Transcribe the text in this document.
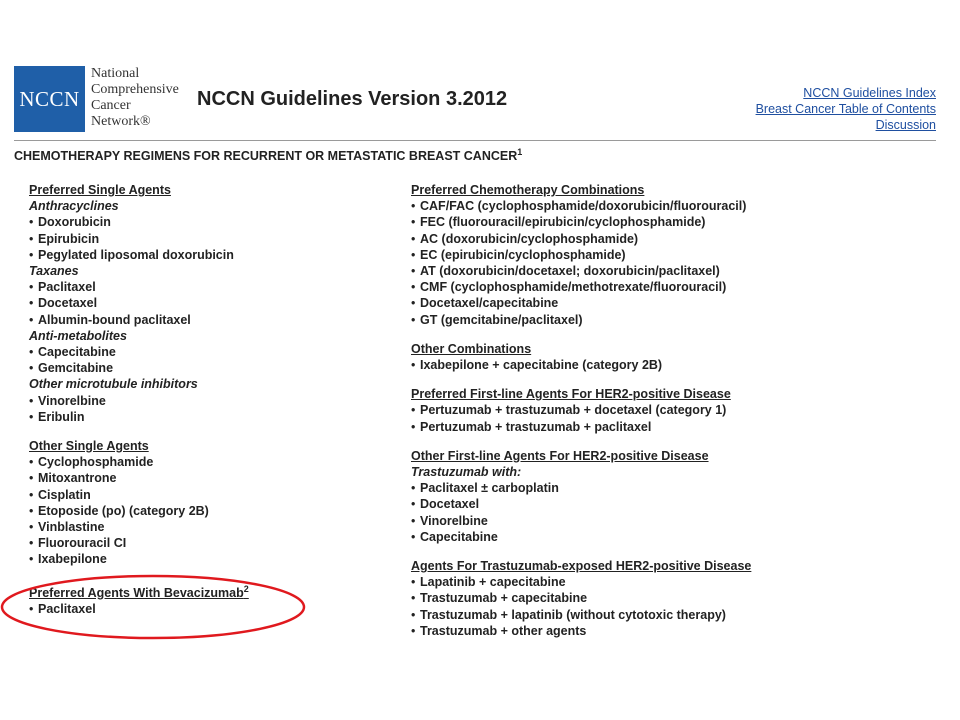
NCCN
National
Comprehensive
Cancer
Network®
NCCN Guidelines Version 3.2012	NCCN Guidelines Index
Breast Cancer Table of Contents
Discussion
CHEMOTHERAPY REGIMENS FOR RECURRENT OR METASTATIC BREAST CANCER$^1$
Preferred Single Agents
Anthracyclines
• Doxorubicin
• Epirubicin
• Pegylated liposomal doxorubicin
Taxanes
• Paclitaxel
• Docetaxel
• Albumin-bound paclitaxel
Anti-metabolites
• Capecitabine
• Gemcitabine
Other microtubule inhibitors
• Vinorelbine
• Eribulin
Other Single Agents
• Cyclophosphamide
• Mitoxantrone
• Cisplatin
• Etoposide (po) (category 2B)
• Vinblastine
• Fluorouracil CI
• Ixabepilone
Preferred Agents With Bevacizumab$^2$
• Paclitaxel
Preferred Chemotherapy Combinations
• CAF/FAC (cyclophosphamide/doxorubicin/fluorouracil)
• FEC (fluorouracil/epirubicin/cyclophosphamide)
• AC (doxorubicin/cyclophosphamide)
• EC (epirubicin/cyclophosphamide)
• AT (doxorubicin/docetaxel; doxorubicin/paclitaxel)
• CMF (cyclophosphamide/methotrexate/fluorouracil)
• Docetaxel/capecitabine
• GT (gemcitabine/paclitaxel)
Other Combinations
• Ixabepilone + capecitabine (category 2B)
Preferred First-line Agents For HER2-positive Disease
• Pertuzumab + trastuzumab + docetaxel (category 1)
• Pertuzumab + trastuzumab + paclitaxel
Other First-line Agents For HER2-positive Disease
Trastuzumab with:
• Paclitaxel ± carboplatin
• Docetaxel
• Vinorelbine
• Capecitabine
Agents For Trastuzumab-exposed HER2-positive Disease
• Lapatinib + capecitabine
• Trastuzumab + capecitabine
• Trastuzumab + lapatinib (without cytotoxic therapy)
• Trastuzumab + other agents
